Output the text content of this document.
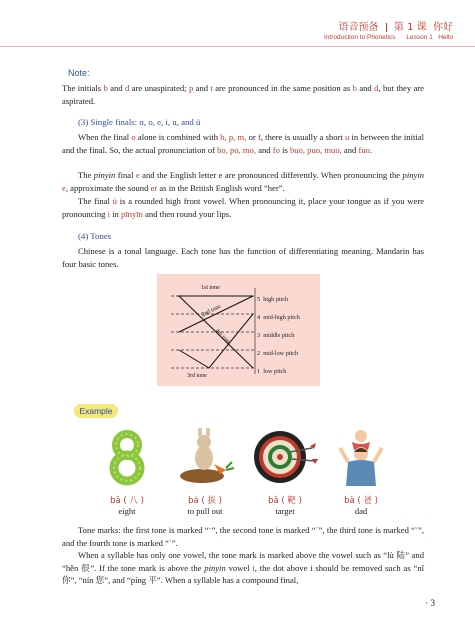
语音预备 第 1 课 你好
Introduction to Phonetics Lesson 1 Hello
Note:
The initials b and d are unaspirated; p and t are pronounced in the same position as b and d, but they are aspirated.
(3) Single finals: ɑ, o, e, i, u, and ü
When the final o alone is combined with b, p, m, or f, there is usually a short u in between the initial and the final. So, the actual pronunciation of bo, po, mo, and fo is buo, puo, muo, and fuo.
The pinyin final e and the English letter e are pronounced differently. When pronouncing the pinyin e, approximate the sound er as in the British English word “her”.
The final ü is a rounded high front vowel. When pronouncing it, place your tongue as if you were pronouncing i in pīnyīn and then round your lips.
(4) Tones
Chinese is a tonal language. Each tone has the function of differentiating meaning. Mandarin has four basic tones.
1st tone
2nd tone
4th tone
3rd tone
5 high pitch
4 mid-high pitch
3 middle pitch
2 mid-low pitch
1 low pitch
Example
bā ( 八 )	bá ( 拔 )	bǎ ( 靶 )	bà ( 爸 )
eight	to pull out	target	dad
Tone marks: the first tone is marked “ˉ”, the second tone is marked “ˊ”, the third tone is marked “ˇ”, and the fourth tone is marked “ˋ”.
When a syllable has only one vowel, the tone mark is marked above the vowel such as “lù 陆” and “hěn 很”. If the tone mark is above the pinyin vowel i, the dot above i should be removed such as “nǐ 你”, “nín 您”, and “píng 平”. When a syllable has a compound final,
· 3
